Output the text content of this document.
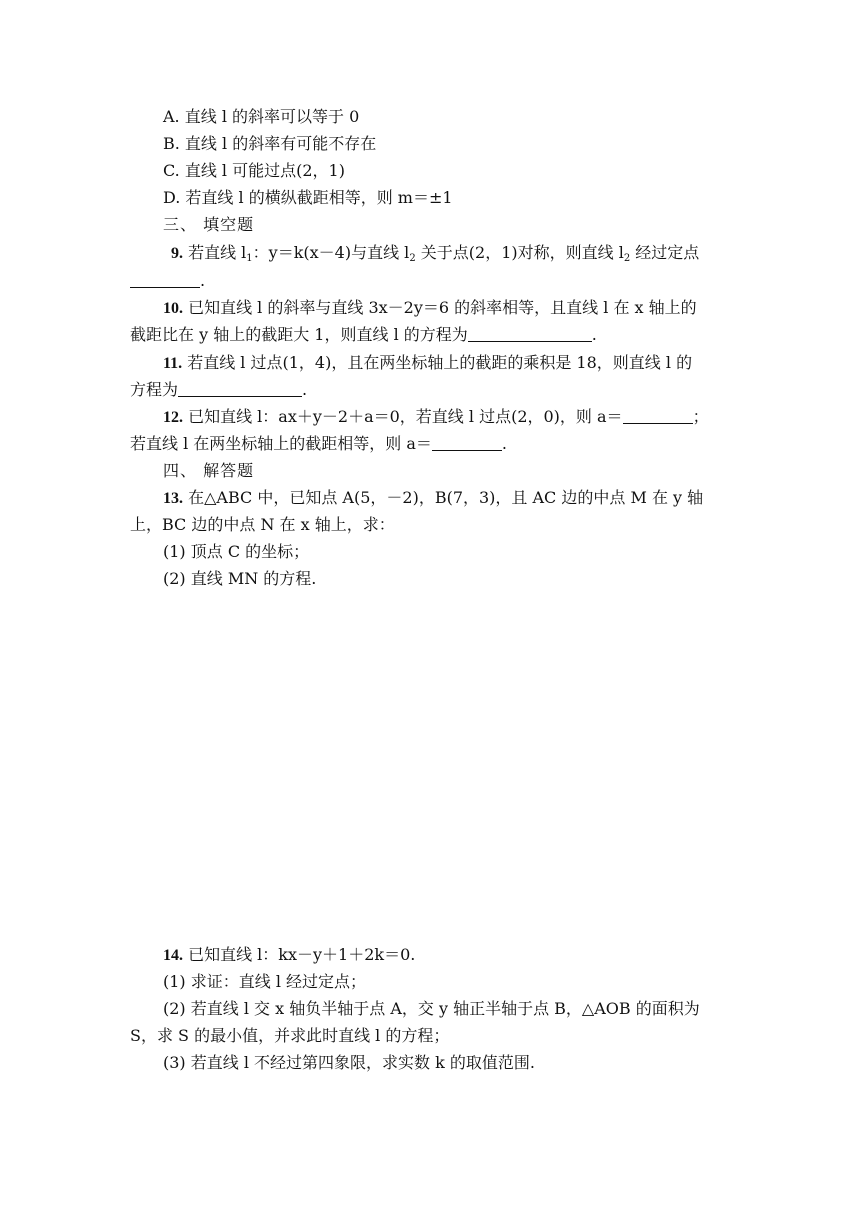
A. 直线 l 的斜率可以等于 0
B. 直线 l 的斜率有可能不存在
C. 直线 l 可能过点(2，1)
D. 若直线 l 的横纵截距相等，则 m＝±1
三、 填空题
9. 若直线 $l_1$：y＝k(x－4)与直线 $l_2$ 关于点(2，1)对称，则直线 $l_2$ 经过定点
.
10. 已知直线 l 的斜率与直线 3x－2y＝6 的斜率相等，且直线 l 在 x 轴上的
截距比在 y 轴上的截距大 1，则直线 l 的方程为	.
11. 若直线 l 过点(1，4)，且在两坐标轴上的截距的乘积是 18，则直线 l 的
方程为	.
12. 已知直线 l：ax＋y－2＋a＝0，若直线 l 过点(2，0)，则 a＝	；
若直线 l 在两坐标轴上的截距相等，则 a＝	.
四、 解答题
13. 在△ABC 中，已知点 A(5，－2)，B(7，3)，且 AC 边的中点 M 在 y 轴
上，BC 边的中点 N 在 x 轴上，求：
(1) 顶点 C 的坐标；
(2) 直线 MN 的方程.
14. 已知直线 l：kx－y＋1＋2k＝0.
(1) 求证：直线 l 经过定点；
(2) 若直线 l 交 x 轴负半轴于点 A，交 y 轴正半轴于点 B，△AOB 的面积为
S，求 S 的最小值，并求此时直线 l 的方程；
(3) 若直线 l 不经过第四象限，求实数 k 的取值范围.
